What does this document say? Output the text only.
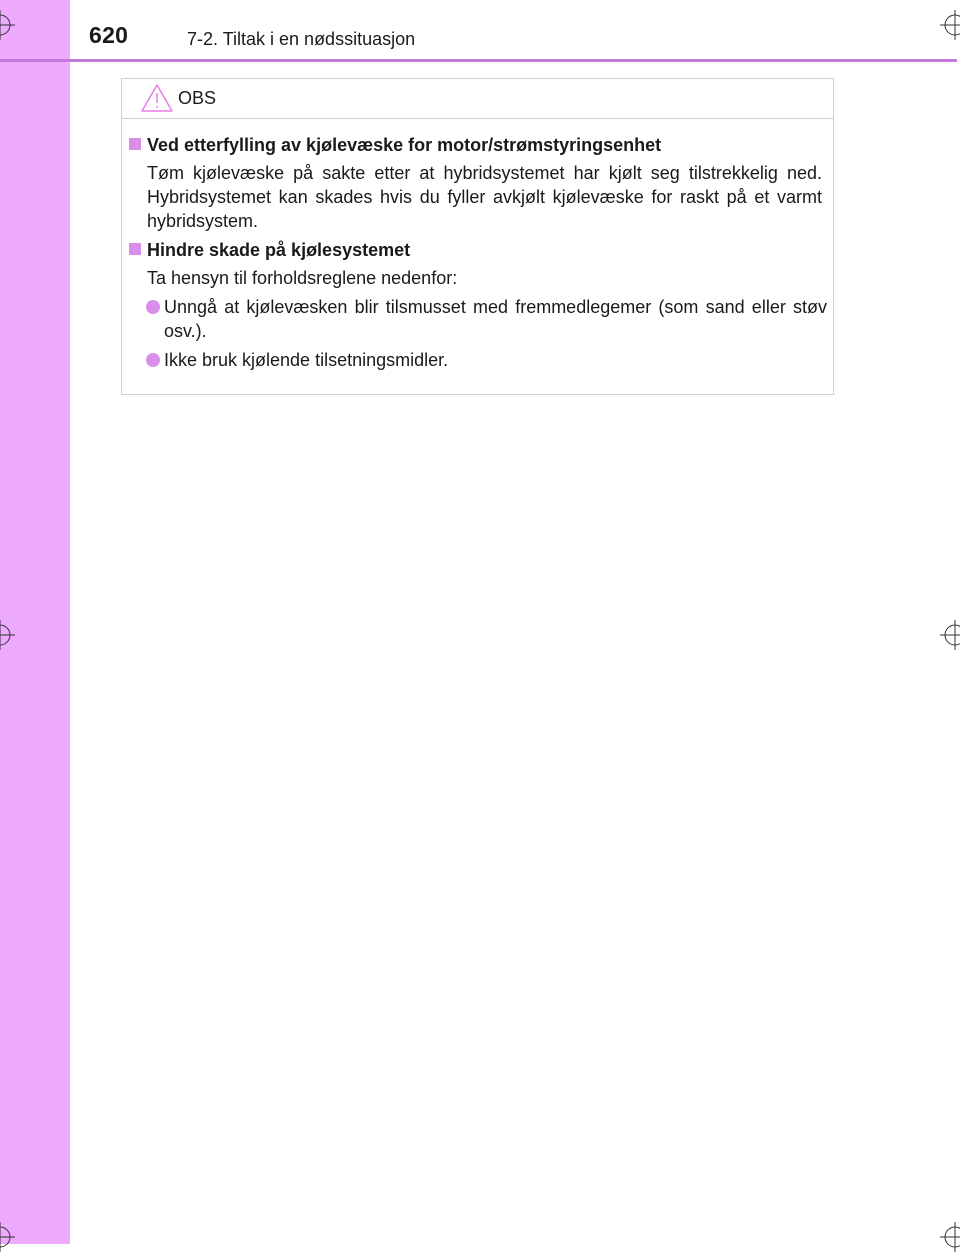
620	7-2. Tiltak i en nødssituasjon
OBS
Ved etterfylling av kjølevæske for motor/strømstyringsenhet
Tøm kjølevæske på sakte etter at hybridsystemet har kjølt seg tilstrekkelig ned. Hybridsystemet kan skades hvis du fyller avkjølt kjølevæske for raskt på et varmt hybridsystem.
Hindre skade på kjølesystemet
Ta hensyn til forholdsreglene nedenfor:
Unngå at kjølevæsken blir tilsmusset med fremmedlegemer (som sand eller støv osv.).
Ikke bruk kjølende tilsetningsmidler.
